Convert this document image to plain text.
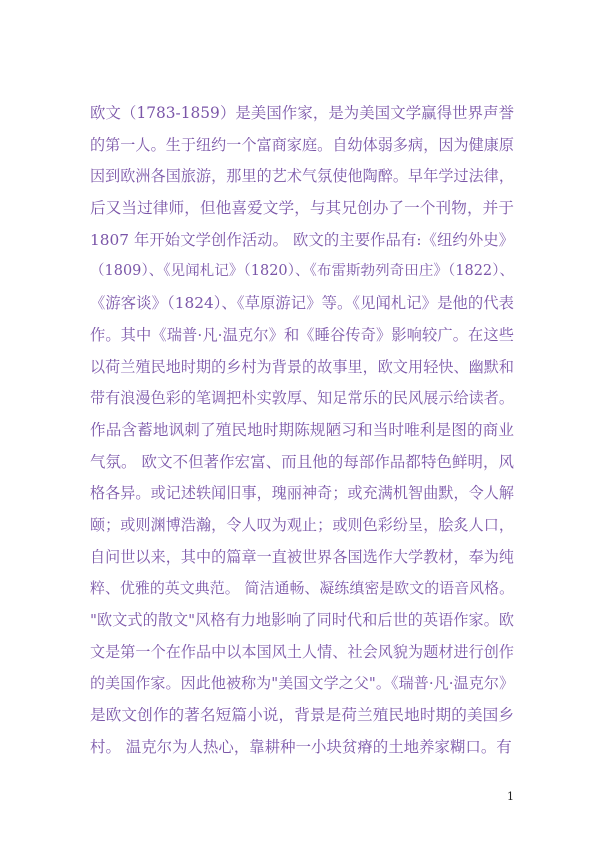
欧文（1783-1859）是美国作家，是为美国文学赢得世界声誉
的第一人。生于纽约一个富商家庭。自幼体弱多病，因为健康原
因到欧洲各国旅游，那里的艺术气氛使他陶醉。早年学过法律，
后又当过律师，但他喜爱文学，与其兄创办了一个刊物，并于
1807 年开始文学创作活动。 欧文的主要作品有:《纽约外史》
（1809）、《见闻札记》（1820）、《布雷斯勃列奇田庄》（1822）、
《游客谈》（1824）、《草原游记》等。《见闻札记》是他的代表
作。其中《瑞普·凡·温克尔》和《睡谷传奇》影响较广。在这些
以荷兰殖民地时期的乡村为背景的故事里，欧文用轻快、幽默和
带有浪漫色彩的笔调把朴实敦厚、知足常乐的民风展示给读者。
作品含蓄地讽刺了殖民地时期陈规陋习和当时唯利是图的商业
气氛。 欧文不但著作宏富、而且他的每部作品都特色鲜明，风
格各异。或记述轶闻旧事，瑰丽神奇；或充满机智曲默，令人解
颐；或则渊博浩瀚，令人叹为观止；或则色彩纷呈，脍炙人口，
自问世以来，其中的篇章一直被世界各国选作大学教材，奉为纯
粹、优雅的英文典范。 简洁通畅、凝练缜密是欧文的语音风格。
"欧文式的散文"风格有力地影响了同时代和后世的英语作家。欧
文是第一个在作品中以本国风土人情、社会风貌为题材进行创作
的美国作家。因此他被称为"美国文学之父"。《瑞普·凡·温克尔》
是欧文创作的著名短篇小说，背景是荷兰殖民地时期的美国乡
村。 温克尔为人热心，靠耕种一小块贫瘠的土地养家糊口。有
1
